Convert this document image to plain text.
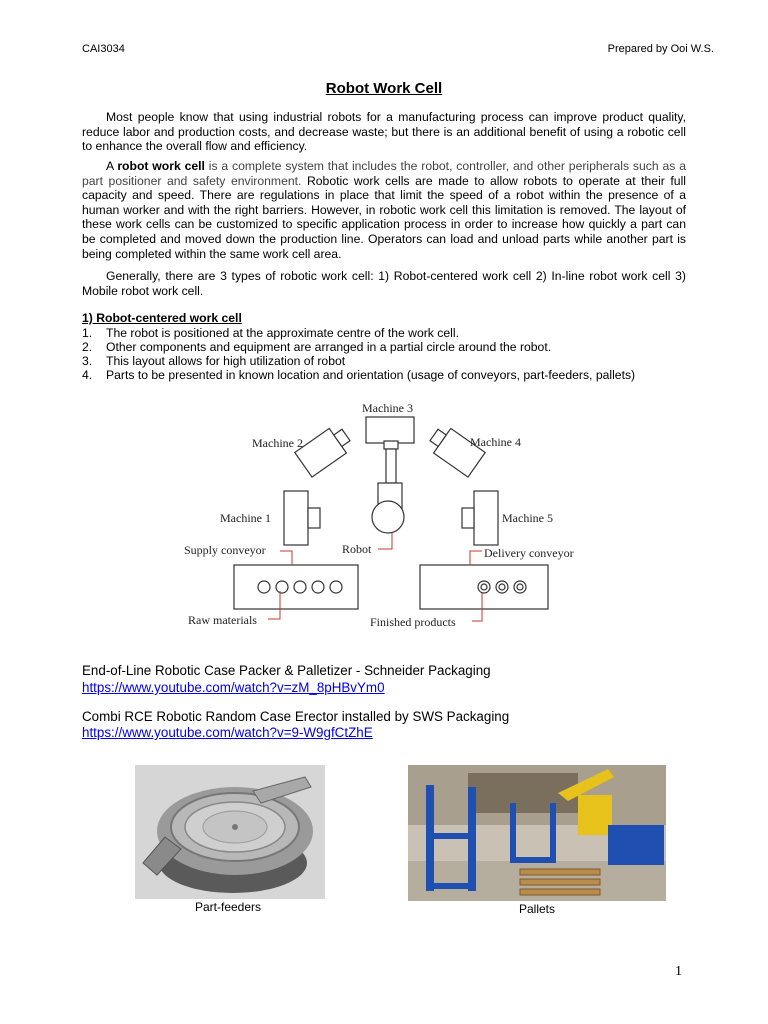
CAI3034	Prepared by Ooi W.S.
Robot Work Cell

Most people know that using industrial robots for a manufacturing process can improve product quality, reduce labor and production costs, and decrease waste; but there is an additional benefit of using a robotic cell to enhance the overall flow and efficiency.

A robot work cell is a complete system that includes the robot, controller, and other peripherals such as a part positioner and safety environment. Robotic work cells are made to allow robots to operate at their full capacity and speed. There are regulations in place that limit the speed of a robot within the presence of a human worker and with the right barriers. However, in robotic work cell this limitation is removed. The layout of these work cells can be customized to specific application process in order to increase how quickly a part can be completed and moved down the production line. Operators can load and unload parts while another part is being completed within the same work cell area.

Generally, there are 3 types of robotic work cell: 1) Robot-centered work cell 2) In-line robot work cell 3) Mobile robot work cell.

1) Robot-centered work cell
1. The robot is positioned at the approximate centre of the work cell.
2. Other components and equipment are arranged in a partial circle around the robot.
3. This layout allows for high utilization of robot
4. Parts to be presented in known location and orientation (usage of conveyors, part-feeders, pallets)
Machine 3
Machine 2	Machine 4
Machine 1	Machine 5
Robot
Supply conveyor	Delivery conveyor
Raw materials	Finished products
End-of-Line Robotic Case Packer & Palletizer - Schneider Packaging
https://www.youtube.com/watch?v=zM_8pHBvYm0
Combi RCE Robotic Random Case Erector installed by SWS Packaging
https://www.youtube.com/watch?v=9-W9gfCtZhE
Part-feeders	Pallets
1
